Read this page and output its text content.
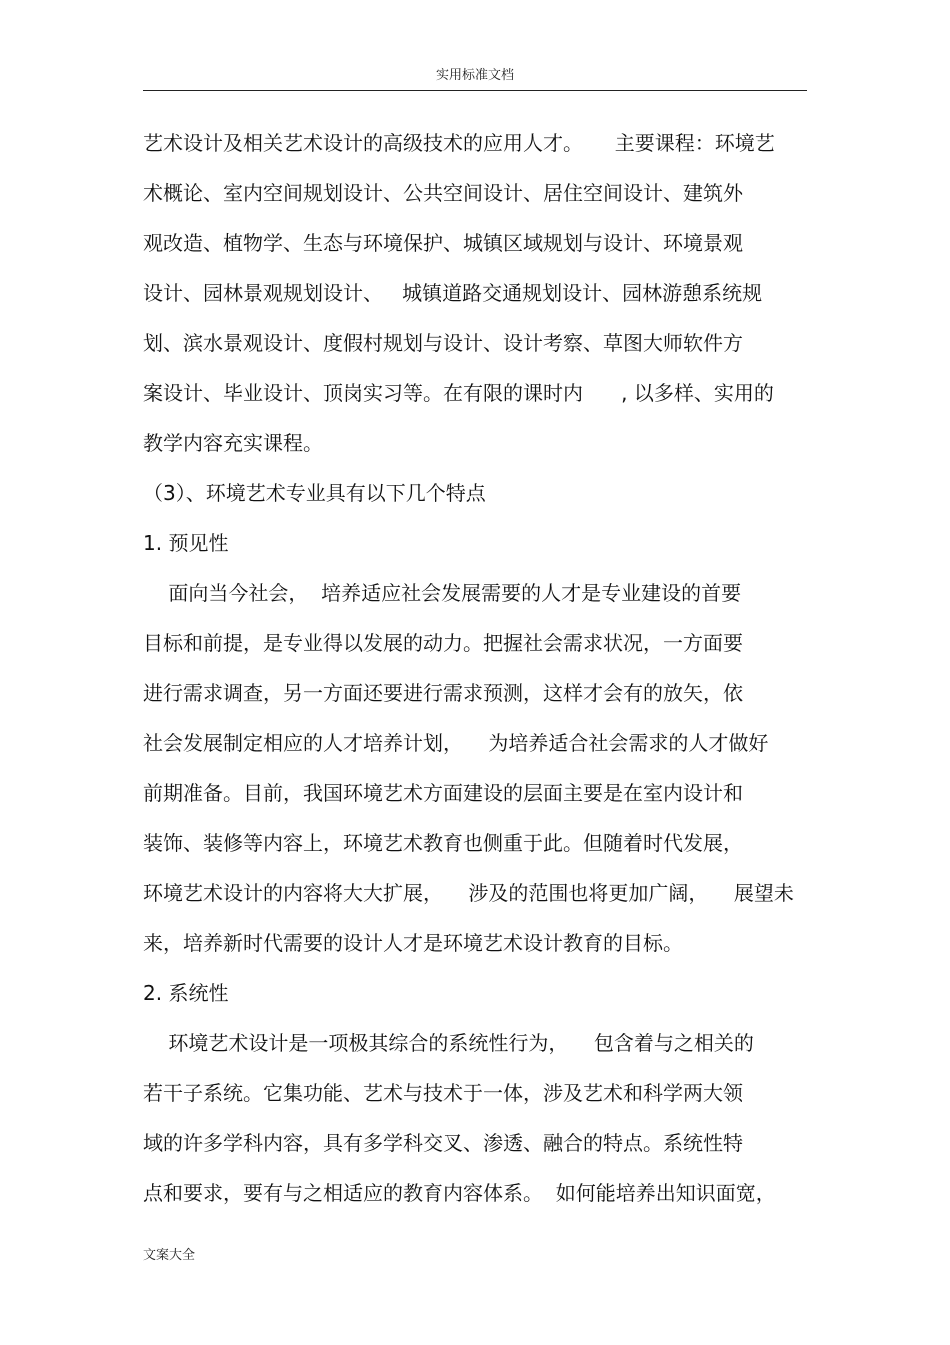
实用标准文档
艺术设计及相关艺术设计的高级技术的应用人才。     主要课程：环境艺
术概论、室内空间规划设计、公共空间设计、居住空间设计、建筑外
观改造、植物学、生态与环境保护、城镇区域规划与设计、环境景观
设计、园林景观规划设计、   城镇道路交通规划设计、园林游憩系统规
划、滨水景观设计、度假村规划与设计、设计考察、草图大师软件方
案设计、毕业设计、顶岗实习等。在有限的课时内      , 以多样、实用的
教学内容充实课程。
（3）、环境艺术专业具有以下几个特点
1. 预见性
面向当今社会，  培养适应社会发展需要的人才是专业建设的首要
目标和前提，是专业得以发展的动力。把握社会需求状况，一方面要
进行需求调查，另一方面还要进行需求预测，这样才会有的放矢，依
社会发展制定相应的人才培养计划，    为培养适合社会需求的人才做好
前期准备。目前，我国环境艺术方面建设的层面主要是在室内设计和
装饰、装修等内容上，环境艺术教育也侧重于此。但随着时代发展，
环境艺术设计的内容将大大扩展，    涉及的范围也将更加广阔，    展望未
来，培养新时代需要的设计人才是环境艺术设计教育的目标。
2. 系统性
环境艺术设计是一项极其综合的系统性行为，    包含着与之相关的
若干子系统。它集功能、艺术与技术于一体，涉及艺术和科学两大领
域的许多学科内容，具有多学科交叉、渗透、融合的特点。系统性特
点和要求，要有与之相适应的教育内容体系。  如何能培养出知识面宽，
文案大全
